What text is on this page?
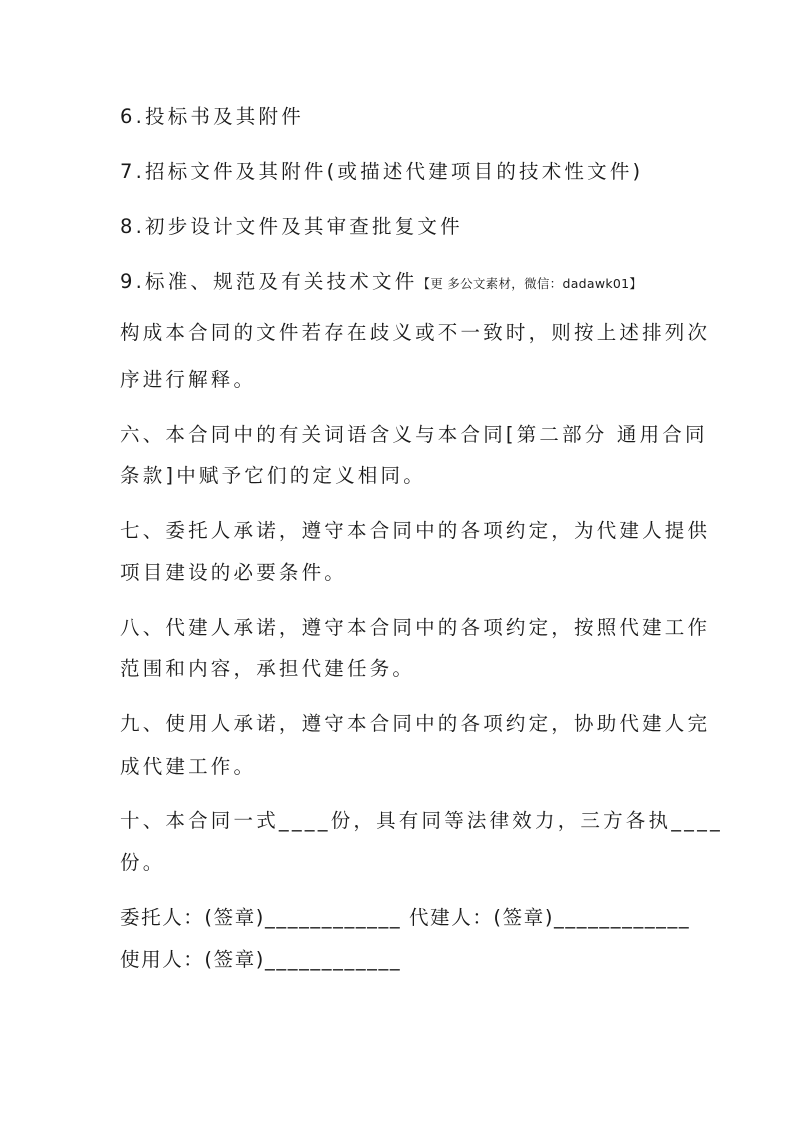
6.投标书及其附件
7.招标文件及其附件(或描述代建项目的技术性文件)
8.初步设计文件及其审查批复文件
9.标准、规范及有关技术文件【更 多公文素材，微信：dadawk01】
构成本合同的文件若存在歧义或不一致时，则按上述排列次
序进行解释。
六、本合同中的有关词语含义与本合同[第二部分 通用合同
条款]中赋予它们的定义相同。
七、委托人承诺，遵守本合同中的各项约定，为代建人提供
项目建设的必要条件。
八、代建人承诺，遵守本合同中的各项约定，按照代建工作
范围和内容，承担代建任务。
九、使用人承诺，遵守本合同中的各项约定，协助代建人完
成代建工作。
十、本合同一式____份，具有同等法律效力，三方各执____
份。
委托人：(签章)____________ 代建人：(签章)____________
使用人：(签章)____________
